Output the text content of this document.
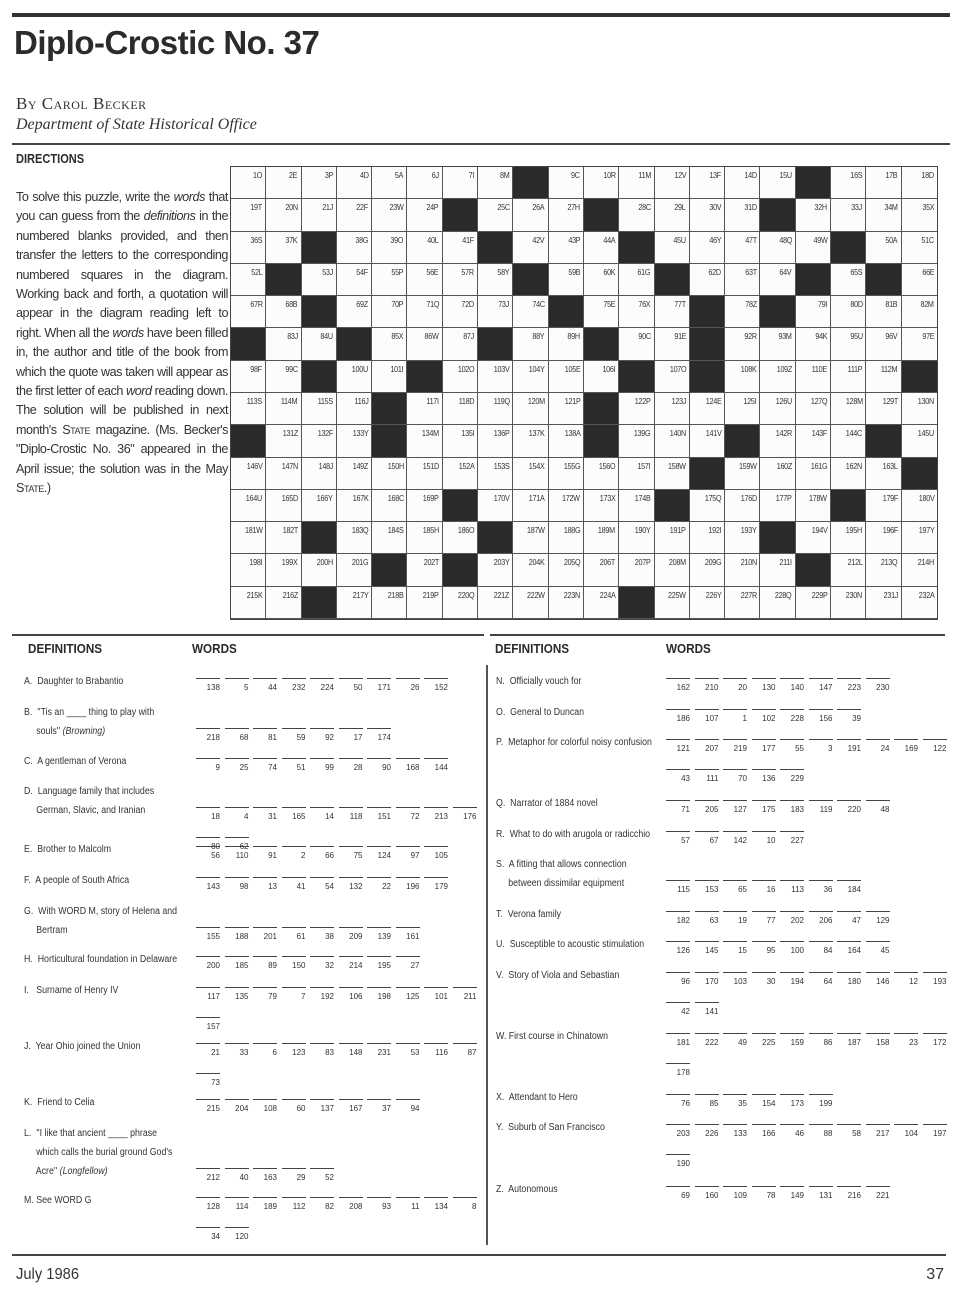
Diplo-Crostic No. 37
By Carol Becker
Department of State Historical Office
DIRECTIONS
To solve this puzzle, write the words that you can guess from the definitions in the numbered blanks provided, and then transfer the letters to the corresponding numbered squares in the diagram. Working back and forth, a quotation will appear in the diagram reading left to right. When all the words have been filled in, the author and title of the book from which the quote was taken will appear as the first letter of each word reading down. The solution will be published in next month's State magazine. (Ms. Becker's "Diplo-Crostic No. 36" appeared in the April issue; the solution was in the May State.)
1O	2E	3P	4D	5A	6J	7I	8M	9C	10R	11M	12V	13F	14D	15U	16S	17B	18D
19T	20N	21J	22F	23W	24P	25C	26A	27H	28C	29L	30V	31D	32H	33J	34M	35X
36S	37K	38G	39O	40L	41F	42V	43P	44A	45U	46Y	47T	48Q	49W	50A	51C
52L	53J	54F	55P	56E	57R	58Y	59B	60K	61G	62D	63T	64V	65S	66E
67R	68B	69Z	70P	71Q	72D	73J	74C	75E	76X	77T	78Z	79I	80D	81B	82M
83J	84U	85X	86W	87J	88Y	89H	90C	91E	92R	93M	94K	95U	96V	97E
98F	99C	100U	101I	102O 103V 104Y 105E	106I	107O	108K 109Z	110E	111P 112M
113S 114M	115S	116J	117I 118D 119Q 120M 121P	122P	123J 124E	125I 126U 127Q 128M 129T	130N
131Z 132F 133Y	134M	135I 136P 137K 138A	139G 140N 141V	142R 143F 144C	145U
146V 147N	148J 149Z 150H 151D 152A 153S 154X 155G 156O	157I 158W	159W 160Z 161G 162N	163L
164U 165D 166Y 167K 168C 169P	170V 171A 172W 173X 174B	175Q 176D 177P 178W	179F	180V
181W 182T	183Q 184S 185H 186O	187W 188G 189M 190Y 191P	192I 193Y	194V 195H 196F	197Y
198I 199X 200H 201G	202T	203Y 204K 205Q 206T 207P 208M 209G 210N	211I	212L 213Q	214H
215K 216Z	217Y 218B 219P 220Q 221Z 222W 223N 224A	225W 226Y 227R 228Q 229P 230N	231J	232A
DEFINITIONS	WORDS	DEFINITIONS	WORDS
A.  Daughter to Brabantio
138	5	44	232	224	50	171	26	152
B.  ''Tis an ____ thing to play with
souls'' (Browning)
218	68	81	59	92	17	174
C.  A gentleman of Verona
9	25	74	51	99	28	90	168	144
D.  Language family that includes
German, Slavic, and Iranian
18	4	31	165	14	118	151	72	213	176
80	62
E.  Brother to Malcolm
56	110	91	2	66	75	124	97	105
F.  A people of South Africa
143	98	13	41	54	132	22	196	179
G.  With WORD M, story of Helena and
Bertram
155	188	201	61	38	209	139	161
H.  Horticultural foundation in Delaware
200	185	89	150	32	214	195	27
I.   Surname of Henry IV
117	135	79	7	192	106	198	125	101	211
157
J.  Year Ohio joined the Union
21	33	6	123	83	148	231	53	116	87
73
K.  Friend to Celia
215	204	108	60	137	167	37	94
L.  ''I like that ancient ____ phrase
which calls the burial ground God's
Acre'' (Longfellow)
212	40	163	29	52
M. See WORD G
128	114	189	112	82	208	93	11	134	8
34	120
N.  Officially vouch for
162	210	20	130	140	147	223	230
O.  General to Duncan
186	107	1	102	228	156	39
P.  Metaphor for colorful noisy confusion
121	207	219	177	55	3	191	24	169	122
43	111	70	136	229
Q.  Narrator of 1884 novel
71	205	127	175	183	119	220	48
R.  What to do with arugola or radicchio
57	67	142	10	227
S.  A fitting that allows connection
between dissimilar equipment
115	153	65	16	113	36	184
T.  Verona family
182	63	19	77	202	206	47	129
U.  Susceptible to acoustic stimulation
126	145	15	95	100	84	164	45
V.  Story of Viola and Sebastian
96	170	103	30	194	64	180	146	12	193
42	141
W. First course in Chinatown
181	222	49	225	159	86	187	158	23	172
178
X.  Attendant to Hero
76	85	35	154	173	199
Y.  Suburb of San Francisco
203	226	133	166	46	88	58	217	104	197
190
Z.  Autonomous
69	160	109	78	149	131	216	221
July 1986	37
